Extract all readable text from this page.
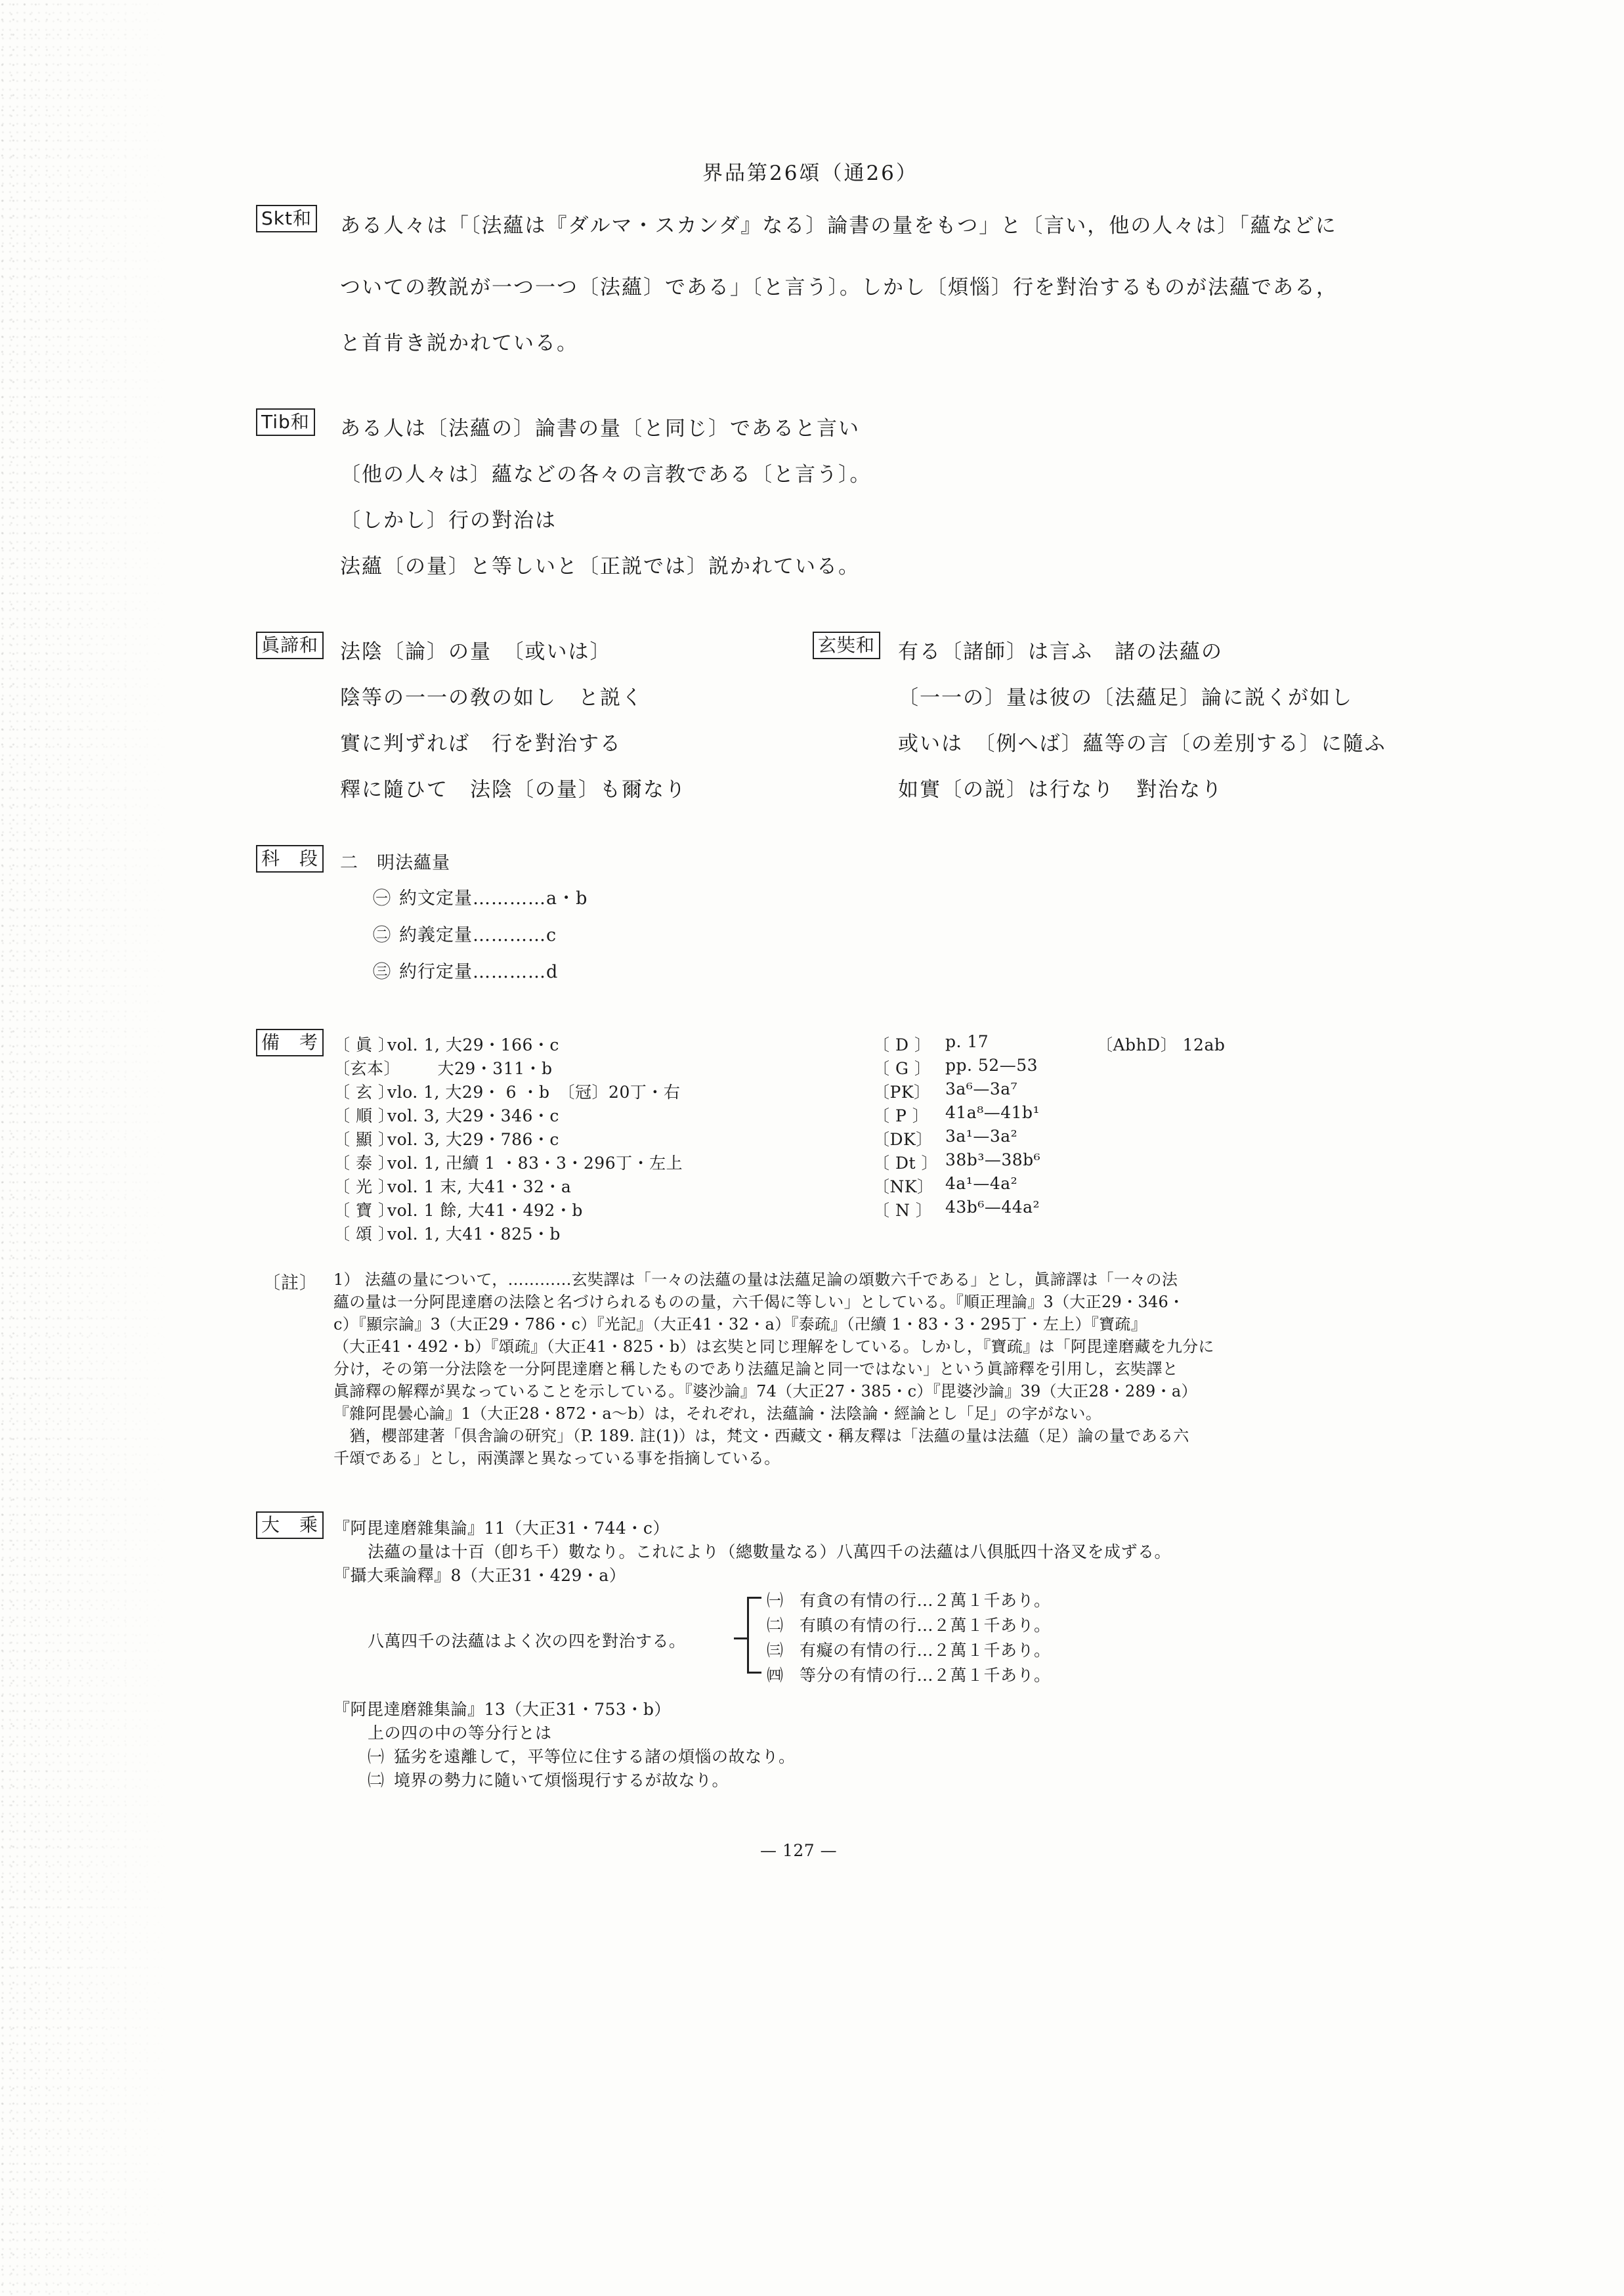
界品第26頌（通26）
Skt和 ある人々は「〔法蘊は『ダルマ・スカンダ』なる〕論書の量をもつ」と〔言い，他の人々は〕「蘊などに
ついての教説が一つ一つ〔法蘊〕である」〔と言う〕。しかし〔煩惱〕行を對治するものが法蘊である，
と首肯き説かれている。
Tib和 ある人は〔法蘊の〕論書の量〔と同じ〕であると言い
〔他の人々は〕蘊などの各々の言教である〔と言う〕。
〔しかし〕行の對治は
法蘊〔の量〕と等しいと〔正説では〕説かれている。
眞諦和 法陰〔論〕の量　〔或いは〕
陰等の一一の敎の如し　と説く
實に判ずれば　行を對治する
釋に隨ひて　法陰〔の量〕も爾なり
玄奘和 有る〔諸師〕は言ふ　諸の法蘊の
〔一一の〕量は彼の〔法蘊足〕論に説くが如し
或いは　〔例へば〕蘊等の言〔の差別する〕に隨ふ
如實〔の説〕は行なり　對治なり
科　段 二　明法蘊量
㊀ 約文定量…………a・b
㊁ 約義定量…………c
㊂ 約行定量…………d
備　考 〔 眞 〕
vol. 1, 大29・166・c
〔玄本〕
　　　大29・311・b
〔 玄 〕
vlo. 1, 大29・ 6 ・b　〔冠〕20丁・右
〔 順 〕
vol. 3, 大29・346・c
〔 顯 〕
vol. 3, 大29・786・c
〔 泰 〕
vol. 1, 卍續 1 ・83・3・296丁・左上
〔 光 〕
vol. 1 末, 大41・32・a
〔 寶 〕
vol. 1 餘, 大41・492・b
〔 頌 〕
vol. 1, 大41・825・b
〔 D 〕 p. 17	〔AbhD〕 12ab
〔 G 〕 pp. 52—53
〔PK〕 3a⁶—3a⁷
〔 P 〕 41a⁸—41b¹
〔DK〕 3a¹—3a²
〔 Dt 〕 38b³—38b⁶
〔NK〕 4a¹—4a²
〔 N 〕 43b⁶—44a²
〔註〕 1） 法蘊の量について，…………玄奘譯は「一々の法蘊の量は法蘊足論の頌數六千である」とし，眞諦譯は「一々の法
蘊の量は一分阿毘達磨の法陰と名づけられるものの量，六千偈に等しい」としている。『順正理論』3（大正29・346・
c）『顯宗論』3（大正29・786・c）『光記』（大正41・32・a）『泰疏』（卍續 1・83・3・295丁・左上）『寶疏』
（大正41・492・b）『頌疏』（大正41・825・b）は玄奘と同じ理解をしている。しかし，『寶疏』は「阿毘達磨藏を九分に
分け，その第一分法陰を一分阿毘達磨と稱したものであり法蘊足論と同一ではない」という眞諦釋を引用し，玄奘譯と
眞諦釋の解釋が異なっていることを示している。『婆沙論』74（大正27・385・c）『毘婆沙論』39（大正28・289・a）
『雜阿毘曇心論』1（大正28・872・a～b）は，それぞれ，法蘊論・法陰論・經論とし「足」の字がない。
　猶，櫻部建著「倶舎論の研究」（P. 189. 註(1)）は，梵文・西藏文・稱友釋は「法蘊の量は法蘊（足）論の量である六
千頌である」とし，兩漢譯と異なっている事を指摘している。
大　乘 『阿毘達磨雜集論』11（大正31・744・c）
法蘊の量は十百（卽ち千）數なり。これにより（總數量なる）八萬四千の法蘊は八倶胝四十洛叉を成ずる。
『攝大乘論釋』8（大正31・429・a）
八萬四千の法蘊はよく次の四を對治する。
㈠ 有貪の有情の行…２萬１千あり。
㈡ 有瞋の有情の行…２萬１千あり。
㈢ 有癡の有情の行…２萬１千あり。
㈣ 等分の有情の行…２萬１千あり。
『阿毘達磨雜集論』13（大正31・753・b）
上の四の中の等分行とは
㈠ 猛劣を遠離して，平等位に住する諸の煩惱の故なり。
㈡ 境界の勢力に隨いて煩惱現行するが故なり。
— 127 —
